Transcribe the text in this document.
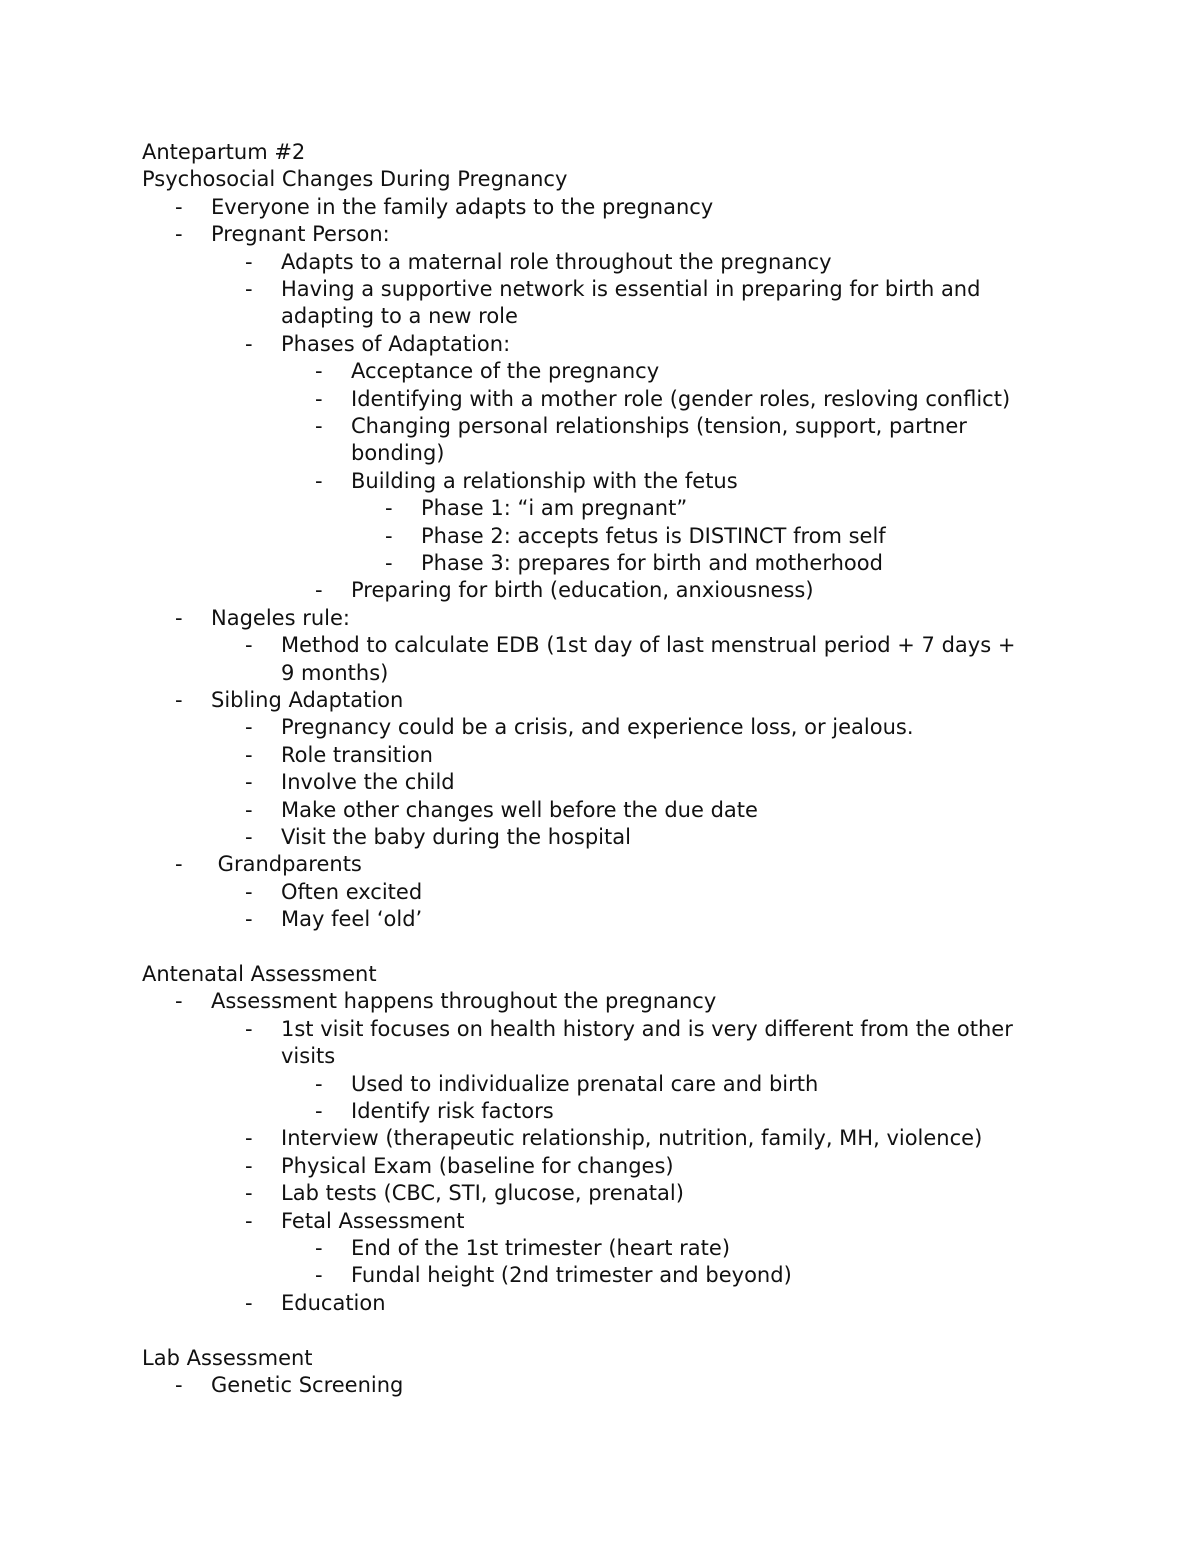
Antepartum #2
Psychosocial Changes During Pregnancy
- Everyone in the family adapts to the pregnancy
- Pregnant Person:
- Adapts to a maternal role throughout the pregnancy
- Having a supportive network is essential in preparing for birth and
adapting to a new role
- Phases of Adaptation:
- Acceptance of the pregnancy
- Identifying with a mother role (gender roles, resloving conflict)
- Changing personal relationships (tension, support, partner
bonding)
- Building a relationship with the fetus
- Phase 1: “i am pregnant”
- Phase 2: accepts fetus is DISTINCT from self
- Phase 3: prepares for birth and motherhood
- Preparing for birth (education, anxiousness)
- Nageles rule:
- Method to calculate EDB (1st day of last menstrual period + 7 days +
9 months)
- Sibling Adaptation
- Pregnancy could be a crisis, and experience loss, or jealous.
- Role transition
- Involve the child
- Make other changes well before the due date
- Visit the baby during the hospital
- Grandparents
- Often excited
- May feel ‘old’
Antenatal Assessment
- Assessment happens throughout the pregnancy
- 1st visit focuses on health history and is very different from the other
visits
- Used to individualize prenatal care and birth
- Identify risk factors
- Interview (therapeutic relationship, nutrition, family, MH, violence)
- Physical Exam (baseline for changes)
- Lab tests (CBC, STI, glucose, prenatal)
- Fetal Assessment
- End of the 1st trimester (heart rate)
- Fundal height (2nd trimester and beyond)
- Education
Lab Assessment
- Genetic Screening
